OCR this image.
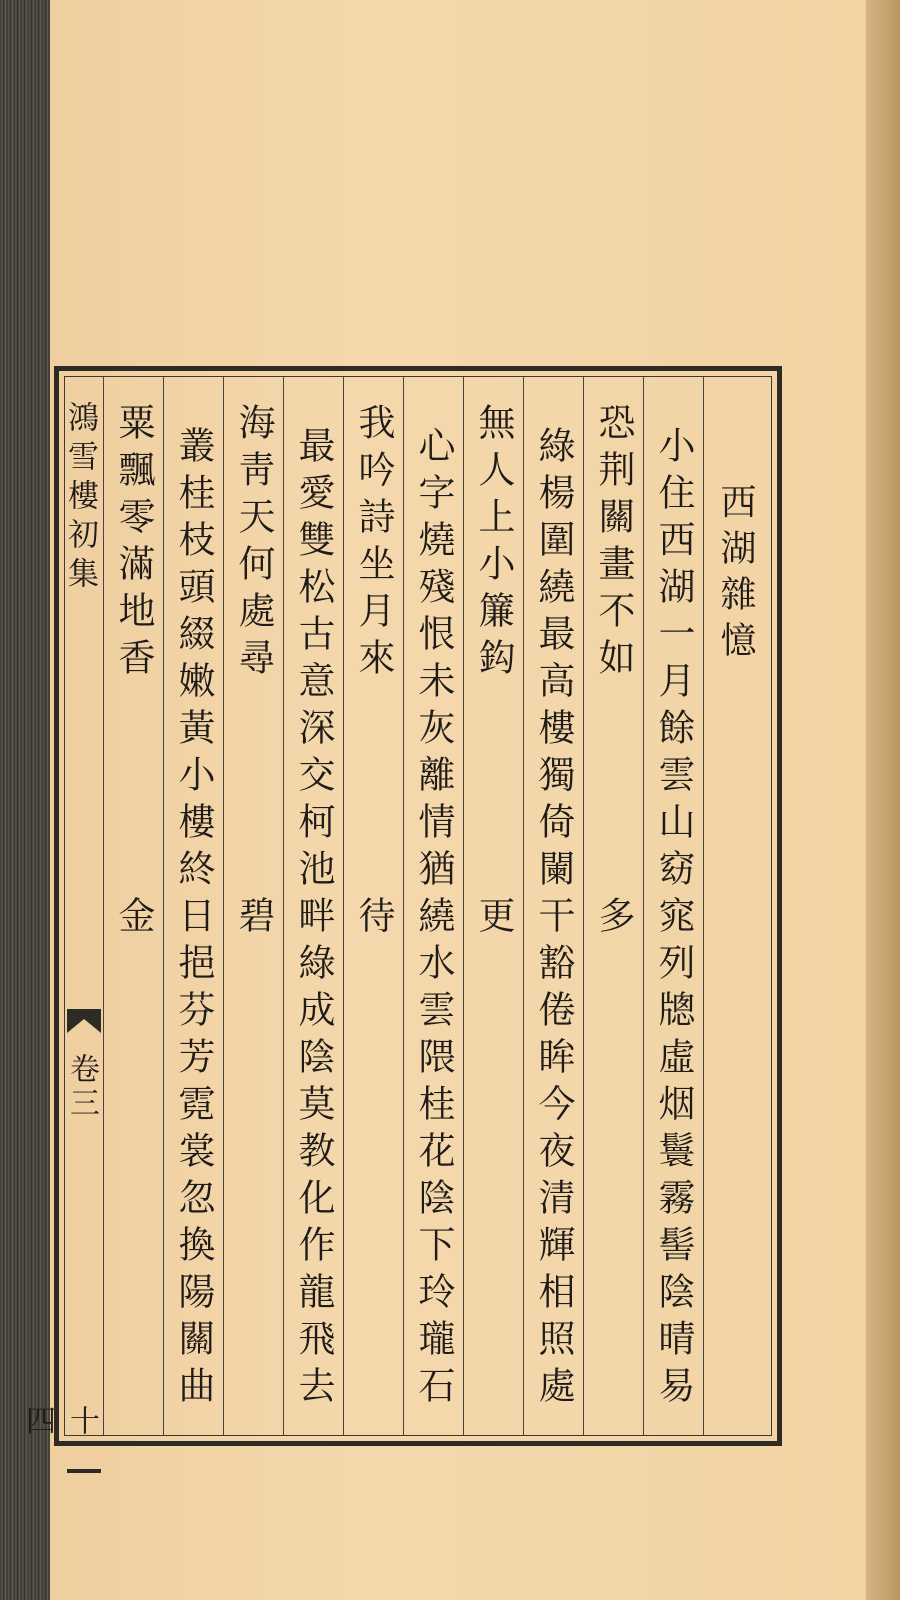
鴻雪樓初集
卷三
十四
粟飄零滿地香 叢桂枝頭綴嫩黃小樓終日挹芬芳霓裳忽換陽關曲金
海靑天何處尋 最愛雙松古意深交柯池畔綠成陰莫教化作龍飛去碧
我吟詩坐月來 心字燒殘恨未灰離情猶繞水雲隈桂花陰下玲瓏石待
無人上小簾鈎 綠楊圍繞最高樓獨倚闌干豁倦眸今夜清輝相照處更
恐荆關畫不如 小住西湖一月餘雲山窈窕列牕虛烟鬟霧髻陰晴易多
西湖雜憶
